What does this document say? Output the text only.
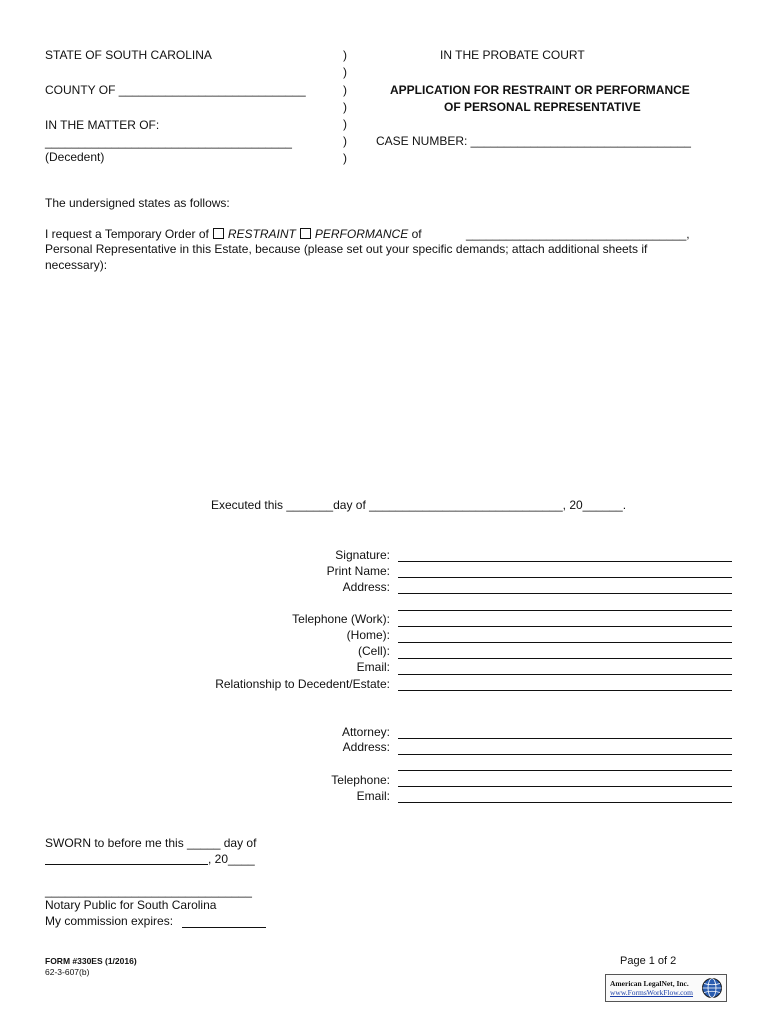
STATE OF SOUTH CAROLINA
COUNTY OF ____________________________
IN THE MATTER OF:
_____________________________________
(Decedent)
)
)
)
)
)
)
)
IN THE PROBATE COURT
APPLICATION FOR RESTRAINT OR PERFORMANCE
OF PERSONAL REPRESENTATIVE
CASE NUMBER: _________________________________
The undersigned states as follows:
I request a Temporary Order of RESTRAINT PERFORMANCE of	_________________________________,
Personal Representative in this Estate, because (please set out your specific demands; attach additional sheets if
necessary):
Executed this _______day of _____________________________, 20______.
Signature:
Print Name:
Address:
Telephone (Work):
(Home):
(Cell):
Email:
Relationship to Decedent/Estate:
Attorney:
Address:
Telephone:
Email:
SWORN to before me this _____ day of
, 20____
_______________________________
Notary Public for South Carolina
My commission expires:
FORM #330ES (1/2016)
62-3-607(b)
Page 1 of 2
American LegalNet, Inc.
www.FormsWorkFlow.com
